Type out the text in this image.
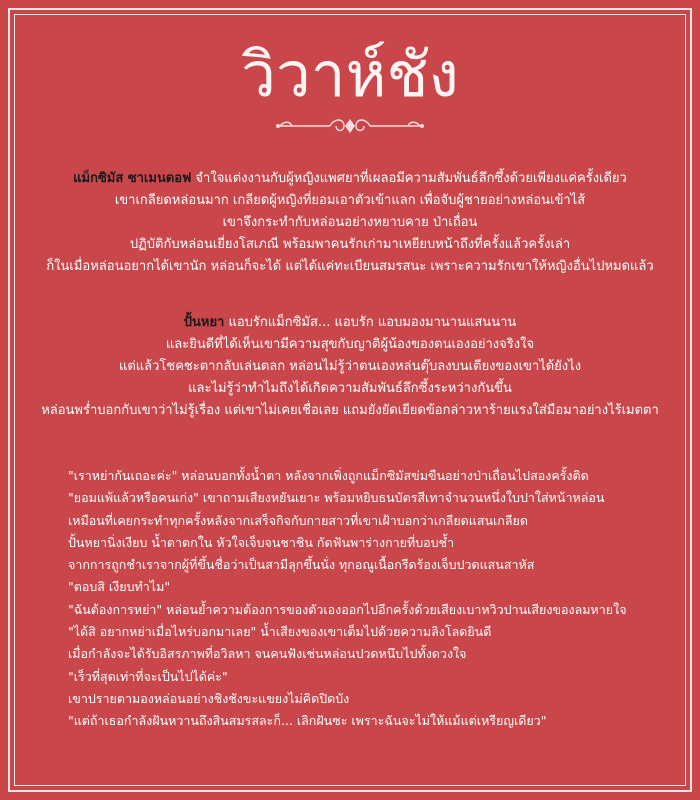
วิวาห์ชัง
แม็กซิมัส ซาเมนดอฟ จำใจแต่งงานกับผู้หญิงแพศยาที่เผลอมีความสัมพันธ์ลึกซึ้งด้วยเพียงแค่ครั้งเดียว
เขาเกลียดหล่อนมาก เกลียดผู้หญิงที่ยอมเอาตัวเข้าแลก เพื่อจับผู้ชายอย่างหล่อนเข้าไส้
เขาจึงกระทำกับหล่อนอย่างหยาบคาย ป่าเถื่อน
ปฏิบัติกับหล่อนเยี่ยงโสเภณี พร้อมพาคนรักเก่ามาเหยียบหน้าถึงที่ครั้งแล้วครั้งเล่า
ก็ในเมื่อหล่อนอยากได้เขานัก หล่อนก็จะได้ แต่ได้แค่ทะเบียนสมรสนะ เพราะความรักเขาให้หญิงอื่นไปหมดแล้ว
ปั้นหยา แอบรักแม็กซิมัส... แอบรัก แอบมองมานานแสนนาน
และยินดีที่ได้เห็นเขามีความสุขกับญาติผู้น้องของตนเองอย่างจริงใจ
แต่แล้วโชคชะตากลับเล่นตลก หล่อนไม่รู้ว่าตนเองหล่นตุ๊บลงบนเตียงของเขาได้ยังไง
และไม่รู้ว่าทำไมถึงได้เกิดความสัมพันธ์ลึกซึ้งระหว่างกันขึ้น
หล่อนพร่ำบอกกับเขาว่าไม่รู้เรื่อง แต่เขาไม่เคยเชื่อเลย แถมยังยัดเยียดข้อกล่าวหาร้ายแรงใส่มือมาอย่างไร้เมตตา
"เราหย่ากันเถอะค่ะ" หล่อนบอกทั้งน้ำตา หลังจากเพิ่งถูกแม็กซิมัสข่มขืนอย่างป่าเถื่อนไปสองครั้งติด
"ยอมแพ้แล้วหรือคนเก่ง" เขาถามเสียงหยันเยาะ พร้อมหยิบธนบัตรสีเทาจำนวนหนึ่งใบปาใส่หน้าหล่อน
เหมือนที่เคยกระทำทุกครั้งหลังจากเสร็จกิจกับกายสาวที่เขาเฝ้าบอกว่าเกลียดแสนเกลียด
ปั้นหยานิ่งเงียบ น้ำตาตกใน หัวใจเจ็บจนชาชิน กัดฟันพาร่างกายที่บอบช้ำ
จากการถูกชำเราจากผู้ที่ขึ้นชื่อว่าเป็นสามีลุกขึ้นนั่ง ทุกอณูเนื้อกรีดร้องเจ็บปวดแสนสาหัส
"ตอบสิ เงียบทำไม"
"ฉันต้องการหย่า" หล่อนย้ำความต้องการของตัวเองออกไปอีกครั้งด้วยเสียงเบาหวิวปานเสียงของลมหายใจ
"ได้สิ อยากหย่าเมื่อไหร่บอกมาเลย" น้ำเสียงของเขาเต็มไปด้วยความลิงโลดยินดี
เมื่อกำลังจะได้รับอิสรภาพที่อวิลหา จนคนฟังเช่นหล่อนปวดหนึบไปทั้งดวงใจ
"เร็วที่สุดเท่าที่จะเป็นไปได้ค่ะ"
เขาปรายตามองหล่อนอย่างชิงชังขะแขยงไม่คิดปิดบัง
"แต่ถ้าเธอกำลังฝันหวานถึงสินสมรสละก็... เลิกฝันซะ เพราะฉันจะไม่ให้แม้แต่เหรียญเดียว"
